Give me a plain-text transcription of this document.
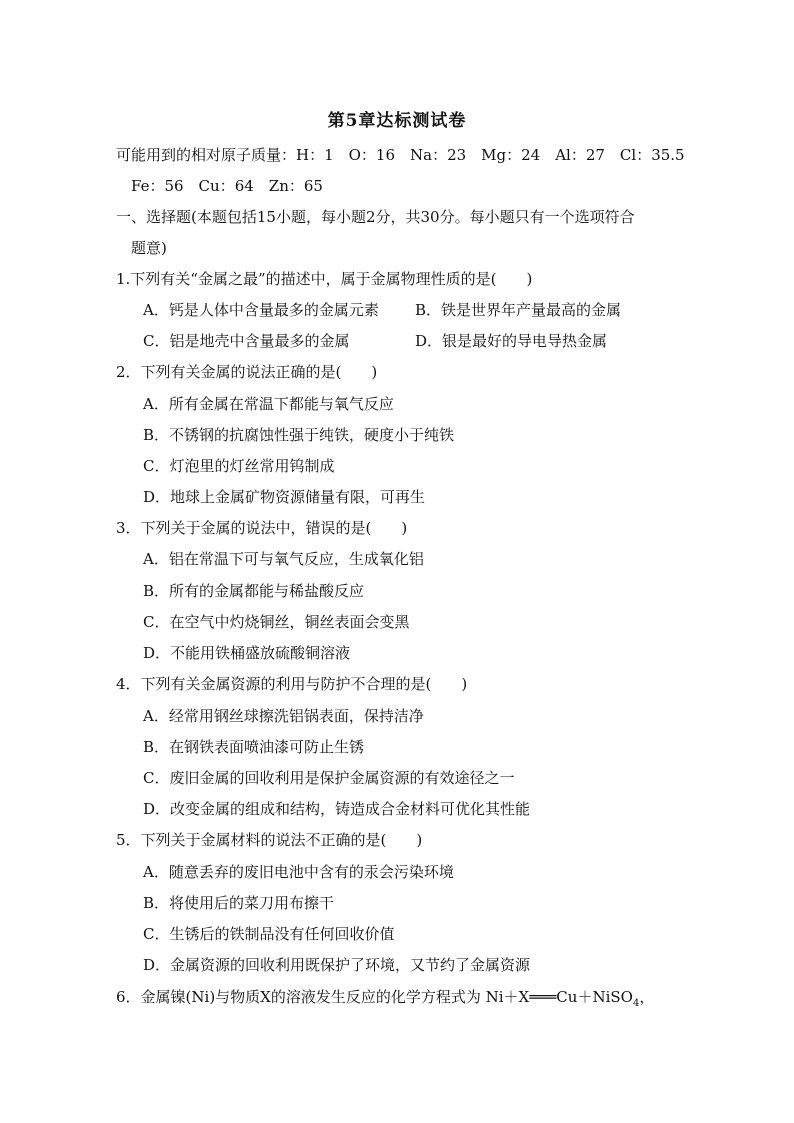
第5章达标测试卷
可能用到的相对原子质量：H：1　O：16　Na：23　Mg：24　Al：27　Cl：35.5
Fe：56　Cu：64　Zn：65
一、选择题(本题包括15小题，每小题2分，共30分。每小题只有一个选项符合
题意)
1.下列有关“金属之最”的描述中，属于金属物理性质的是(　　)
A．钙是人体中含量最多的金属元素 B．铁是世界年产量最高的金属
C．铝是地壳中含量最多的金属	D．银是最好的导电导热金属
2．下列有关金属的说法正确的是(　　)
A．所有金属在常温下都能与氧气反应
B．不锈钢的抗腐蚀性强于纯铁，硬度小于纯铁
C．灯泡里的灯丝常用钨制成
D．地球上金属矿物资源储量有限，可再生
3．下列关于金属的说法中，错误的是(　　)
A．铝在常温下可与氧气反应，生成氧化铝
B．所有的金属都能与稀盐酸反应
C．在空气中灼烧铜丝，铜丝表面会变黑
D．不能用铁桶盛放硫酸铜溶液
4．下列有关金属资源的利用与防护不合理的是(　　)
A．经常用钢丝球擦洗铝锅表面，保持洁净
B．在钢铁表面喷油漆可防止生锈
C．废旧金属的回收利用是保护金属资源的有效途径之一
D．改变金属的组成和结构，铸造成合金材料可优化其性能
5．下列关于金属材料的说法不正确的是(　　)
A．随意丢弃的废旧电池中含有的汞会污染环境
B．将使用后的菜刀用布擦干
C．生锈后的铁制品没有任何回收价值
D．金属资源的回收利用既保护了环境，又节约了金属资源
6．金属镍(Ni)与物质X的溶液发生反应的化学方程式为 Ni＋X═══Cu＋NiSO$_4$，
